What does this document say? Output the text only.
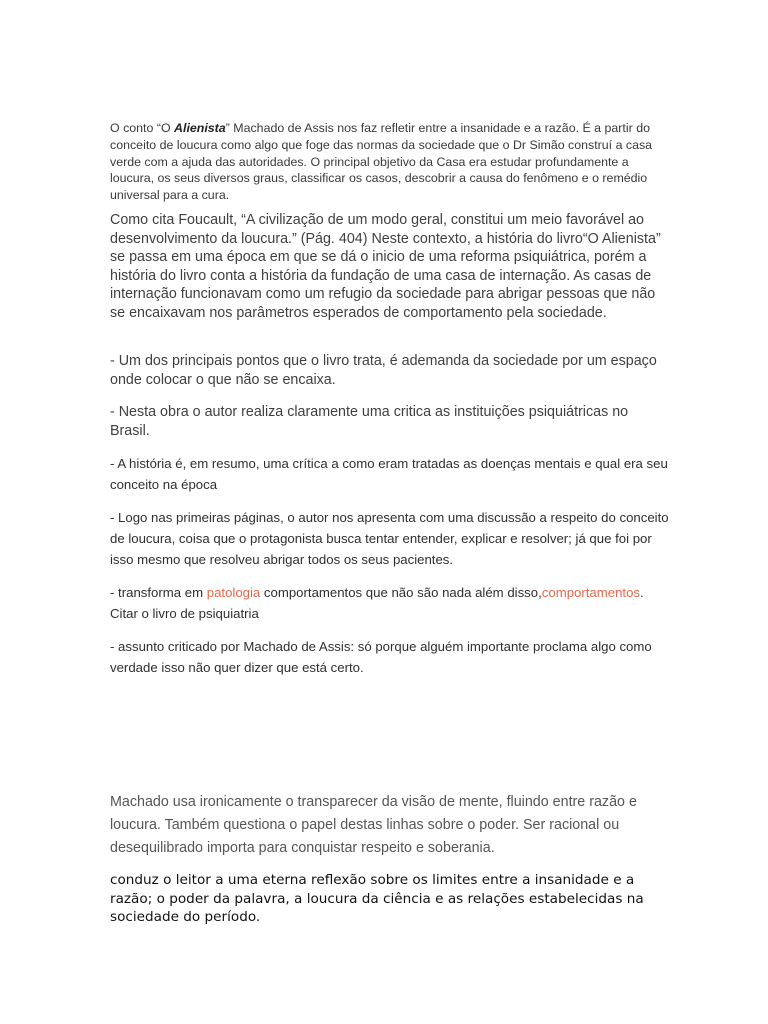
O conto “O Alienista” Machado de Assis nos faz refletir entre a insanidade e a razão. É a partir do conceito de loucura como algo que foge das normas da sociedade que o Dr Simão construí a casa verde com a ajuda das autoridades. O principal objetivo da Casa era estudar profundamente a loucura, os seus diversos graus, classificar os casos, descobrir a causa do fenômeno e o remédio universal para a cura.

Como cita Foucault, “A civilização de um modo geral, constitui um meio favorável ao desenvolvimento da loucura.” (Pág. 404) Neste contexto, a história do livro“O Alienista” se passa em uma época em que se dá o inicio de uma reforma psiquiátrica, porém a história do livro conta a história da fundação de uma casa de internação. As casas de internação funcionavam como um refugio da sociedade para abrigar pessoas que não se encaixavam nos parâmetros esperados de comportamento pela sociedade.

- Um dos principais pontos que o livro trata, é ademanda da sociedade por um espaço onde colocar o que não se encaixa.

- Nesta obra o autor realiza claramente uma critica as instituições psiquiátricas no Brasil.

- A história é, em resumo, uma crítica a como eram tratadas as doenças mentais e qual era seu conceito na época

- Logo nas primeiras páginas, o autor nos apresenta com uma discussão a respeito do conceito de loucura, coisa que o protagonista busca tentar entender, explicar e resolver; já que foi por isso mesmo que resolveu abrigar todos os seus pacientes.

- transforma em patologia comportamentos que não são nada além disso,comportamentos. Citar o livro de psiquiatria

- assunto criticado por Machado de Assis: só porque alguém importante proclama algo como verdade isso não quer dizer que está certo.

Machado usa ironicamente o transparecer da visão de mente, fluindo entre razão e loucura. Também questiona o papel destas linhas sobre o poder. Ser racional ou desequilibrado importa para conquistar respeito e soberania.

conduz o leitor a uma eterna reflexão sobre os limites entre a insanidade e a razão; o poder da palavra, a loucura da ciência e as relações estabelecidas na sociedade do período.
